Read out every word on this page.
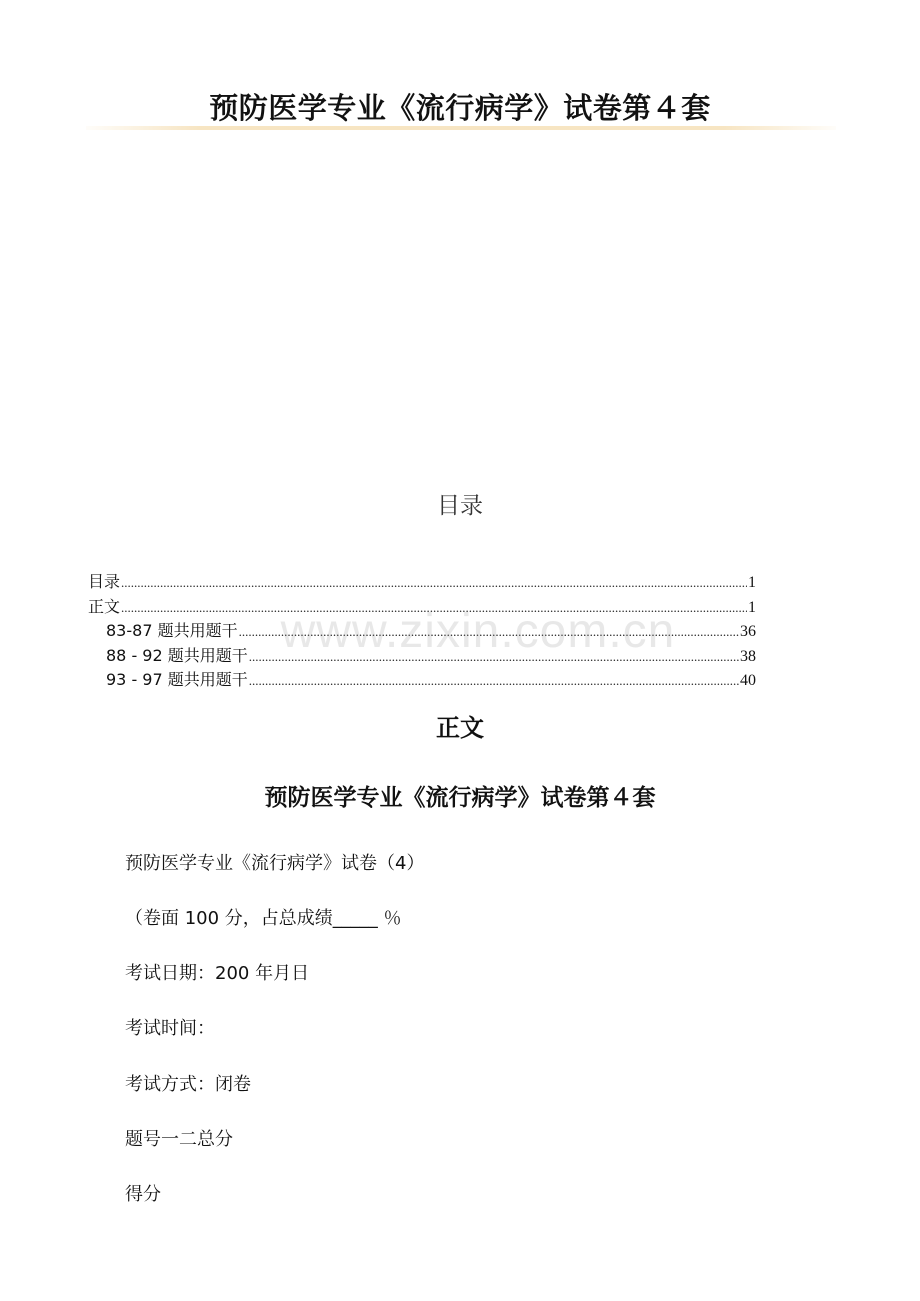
预防医学专业《流行病学》试卷第４套
目录
目录 .....	1
正文 .....	1
83-87 题共用题干 .....	36
88 - 92 题共用题干 .....	38
93 - 97 题共用题干 .....	40
www.zixin.com.cn
正文
预防医学专业《流行病学》试卷第４套
预防医学专业《流行病学》试卷（4）
（卷面 100 分，占总成绩_____ ％
考试日期：200 年月日
考试时间：
考试方式：闭卷
题号一二总分
得分
